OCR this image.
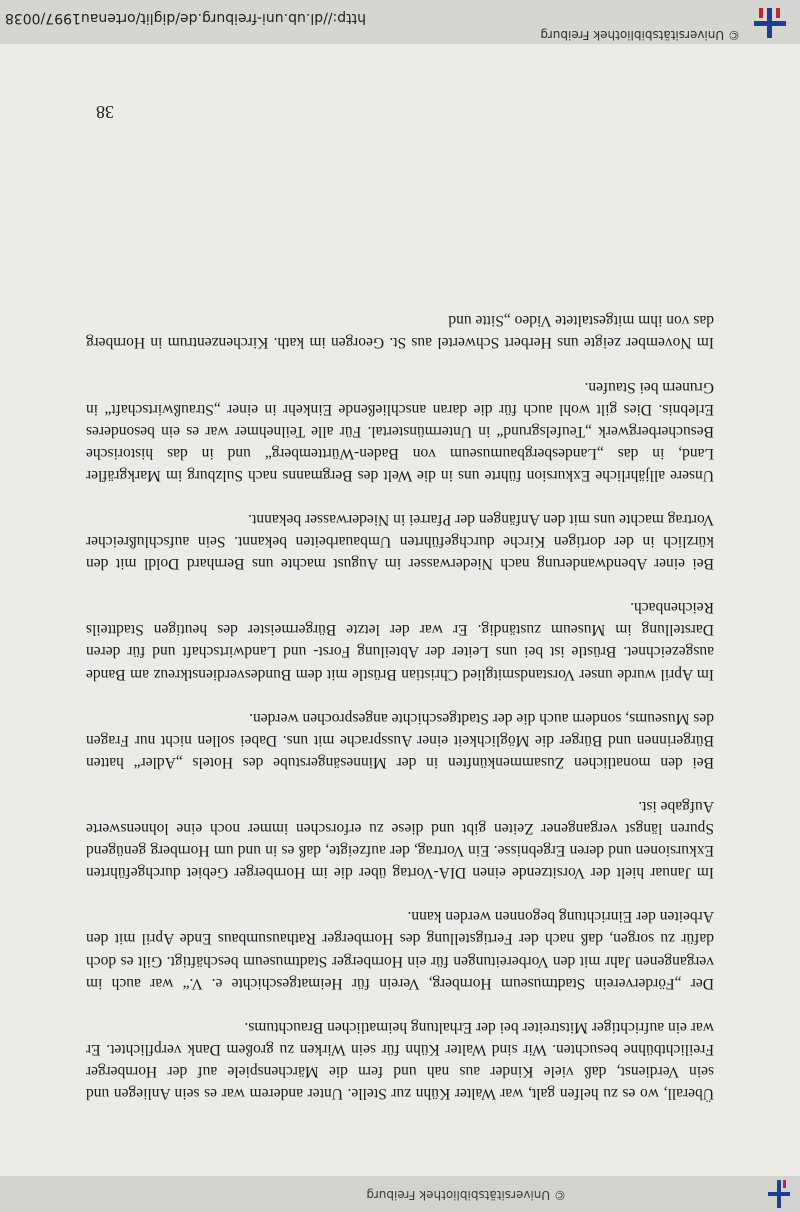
© Universitätsbibliothek Freiburg

Überall, wo es zu helfen galt, war Walter Kühn zur Stelle. Unter anderem war es sein Anliegen und sein Verdienst, daß viele Kinder aus nah und fern die Märchenspiele auf der Hornberger Freilichtbühne besuchten. Wir sind Walter Kühn für sein Wirken zu großem Dank verpflichtet. Er war ein aufrichtiger Mitstreiter bei der Erhaltung heimatlichen Brauchtums.

Der „Förderverein Stadtmuseum Hornberg, Verein für Heimatgeschichte e. V.“ war auch im vergangenen Jahr mit den Vorbereitungen für ein Hornberger Stadtmuseum beschäftigt. Gilt es doch dafür zu sorgen, daß nach der Fertigstellung des Hornberger Rathausumbaus Ende April mit den Arbeiten der Einrichtung begonnen werden kann.

Im Januar hielt der Vorsitzende einen DIA-Vortag über die im Hornberger Gebiet durchgeführten Exkursionen und deren Ergebnisse. Ein Vortrag, der aufzeigte, daß es in und um Hornberg genügend Spuren längst vergangener Zeiten gibt und diese zu erforschen immer noch eine lohnenswerte Aufgabe ist.

Bei den monatlichen Zusammenkünften in der Minnesängerstube des Hotels „Adler“ hatten Bürgerinnen und Bürger die Möglichkeit einer Aussprache mit uns. Dabei sollen nicht nur Fragen des Museums, sondern auch die der Stadtgeschichte angesprochen werden.

Im April wurde unser Vorstandsmitglied Christian Brüstle mit dem Bundesverdienstkreuz am Bande ausgezeichnet. Brüstle ist bei uns Leiter der Abteilung Forst- und Landwirtschaft und für deren Darstellung im Museum zuständig. Er war der letzte Bürgermeister des heutigen Stadtteils Reichenbach.

Bei einer Abendwanderung nach Niederwasser im August machte uns Bernhard Doldl mit den kürzlich in der dortigen Kirche durchgeführten Umbauarbeiten bekannt. Sein aufschlußreicher Vortrag machte uns mit den Anfängen der Pfarrei in Niederwasser bekannt.

Unsere alljährliche Exkursion führte uns in die Welt des Bergmanns nach Sulzburg im Markgräfler Land, in das „Landesbergbaumuseum von Baden-Württemberg“ und in das historische Besucherbergwerk „Teufelsgrund“ in Untermünstertal. Für alle Teilnehmer war es ein besonderes Erlebnis. Dies gilt wohl auch für die daran anschließende Einkehr in einer „Straußwirtschaft“ in Grunern bei Staufen.

Im November zeigte uns Herbert Schwertel aus St. Georgen im kath. Kirchenzentrum in Hornberg das von ihm mitgestaltete Video „Sitte und

38
© Universitätsbibliothek Freiburg
http://dl.ub.uni-freiburg.de/diglit/ortenau1997/0038
